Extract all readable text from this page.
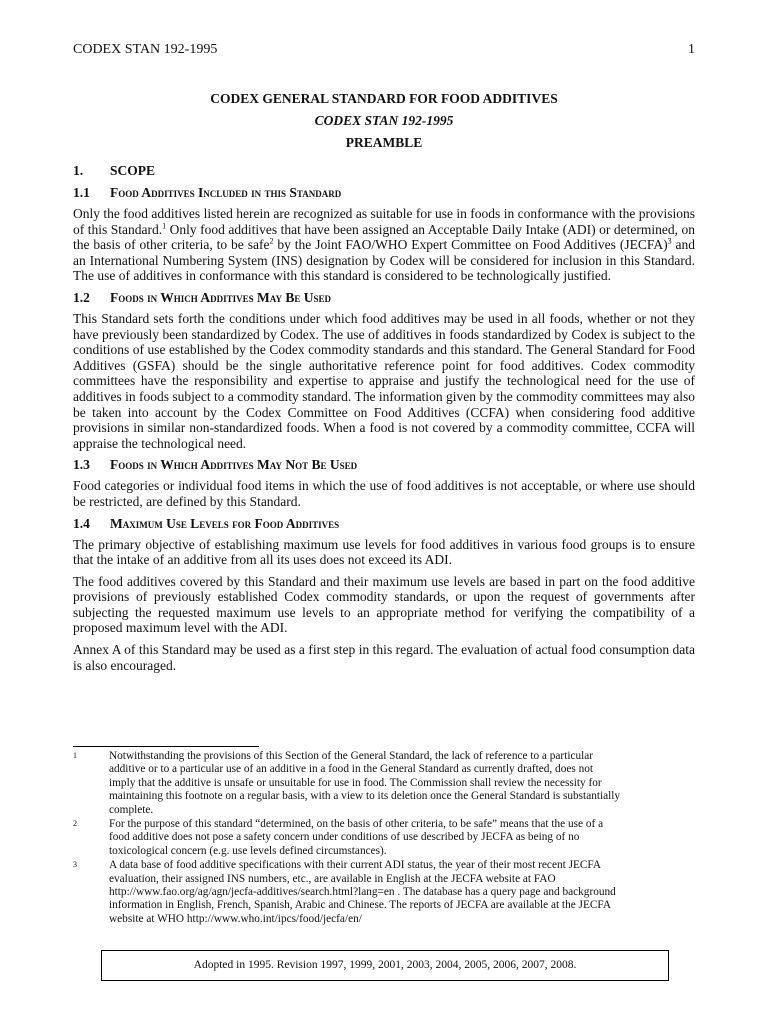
CODEX STAN 192-1995	1
CODEX GENERAL STANDARD FOR FOOD ADDITIVES
CODEX STAN 192-1995
PREAMBLE
1.	SCOPE
1.1	Food Additives Included in this Standard

Only the food additives listed herein are recognized as suitable for use in foods in conformance with the provisions of this Standard.$^1$ Only food additives that have been assigned an Acceptable Daily Intake (ADI) or determined, on the basis of other criteria, to be safe$^2$ by the Joint FAO/WHO Expert Committee on Food Additives (JECFA)$^3$ and an International Numbering System (INS) designation by Codex will be considered for inclusion in this Standard. The use of additives in conformance with this standard is considered to be technologically justified.

1.2	Foods in Which Additives May Be Used

This Standard sets forth the conditions under which food additives may be used in all foods, whether or not they have previously been standardized by Codex. The use of additives in foods standardized by Codex is subject to the conditions of use established by the Codex commodity standards and this standard. The General Standard for Food Additives (GSFA) should be the single authoritative reference point for food additives. Codex commodity committees have the responsibility and expertise to appraise and justify the technological need for the use of additives in foods subject to a commodity standard. The information given by the commodity committees may also be taken into account by the Codex Committee on Food Additives (CCFA) when considering food additive provisions in similar non-standardized foods. When a food is not covered by a commodity committee, CCFA will appraise the technological need.

1.3	Foods in Which Additives May Not Be Used

Food categories or individual food items in which the use of food additives is not acceptable, or where use should be restricted, are defined by this Standard.

1.4	Maximum Use Levels for Food Additives

The primary objective of establishing maximum use levels for food additives in various food groups is to ensure that the intake of an additive from all its uses does not exceed its ADI.

The food additives covered by this Standard and their maximum use levels are based in part on the food additive provisions of previously established Codex commodity standards, or upon the request of governments after subjecting the requested maximum use levels to an appropriate method for verifying the compatibility of a proposed maximum level with the ADI.

Annex A of this Standard may be used as a first step in this regard. The evaluation of actual food consumption data is also encouraged.

1	Notwithstanding the provisions of this Section of the General Standard, the lack of reference to a particular
additive or to a particular use of an additive in a food in the General Standard as currently drafted, does not
imply that the additive is unsafe or unsuitable for use in food. The Commission shall review the necessity for
maintaining this footnote on a regular basis, with a view to its deletion once the General Standard is substantially
complete.
2	For the purpose of this standard “determined, on the basis of other criteria, to be safe” means that the use of a
food additive does not pose a safety concern under conditions of use described by JECFA as being of no
toxicological concern (e.g. use levels defined circumstances).
3	A data base of food additive specifications with their current ADI status, the year of their most recent JECFA
evaluation, their assigned INS numbers, etc., are available in English at the JECFA website at FAO
http://www.fao.org/ag/agn/jecfa-additives/search.html?lang=en . The database has a query page and background
information in English, French, Spanish, Arabic and Chinese. The reports of JECFA are available at the JECFA
website at WHO http://www.who.int/ipcs/food/jecfa/en/
Adopted in 1995. Revision 1997, 1999, 2001, 2003, 2004, 2005, 2006, 2007, 2008.
